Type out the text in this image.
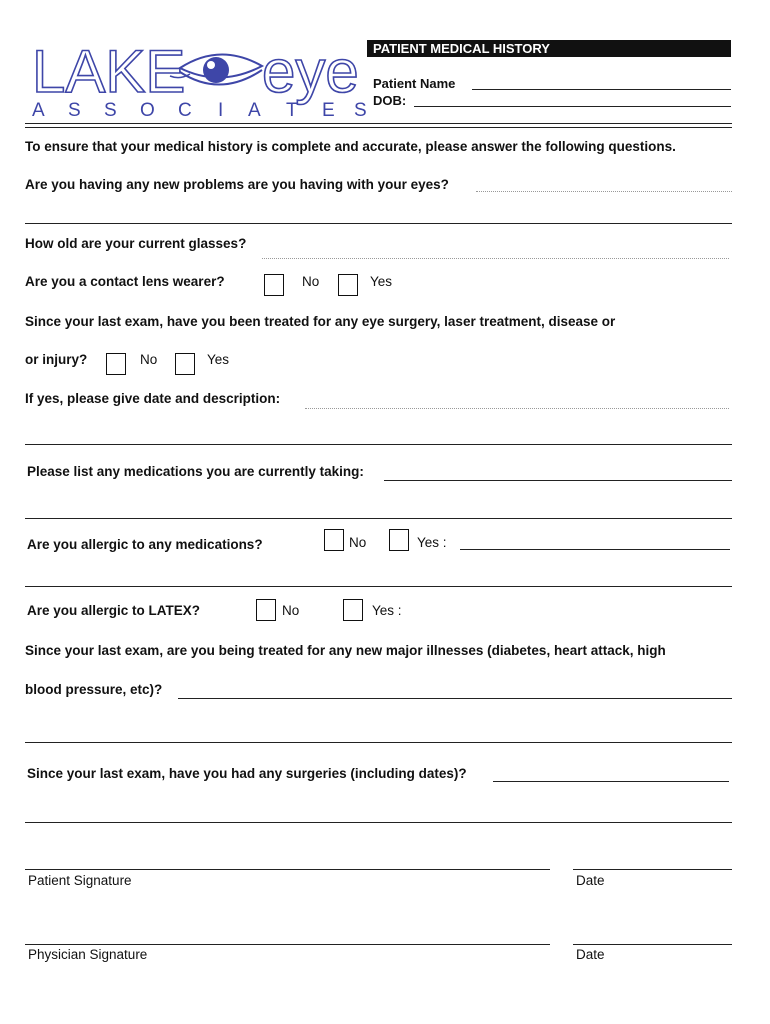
LAKE eye
A S S O C I A T E S
PATIENT MEDICAL HISTORY
Patient Name
DOB:
To ensure that your medical history is complete and accurate, please answer the following questions.
Are you having any new problems are you having with your eyes?
How old are your current glasses?
Are you a contact lens wearer?	No	Yes
Since your last exam, have you been treated for any eye surgery, laser treatment, disease or
or injury?	No	Yes
If yes, please give date and description:
Please list any medications you are currently taking:
Are you allergic to any medications?	No	Yes :
Are you allergic to LATEX?	No	Yes :
Since your last exam, are you being treated for any new major illnesses (diabetes, heart attack, high
blood pressure, etc)?
Since your last exam, have you had any surgeries (including dates)?
Patient Signature	Date
Physician Signature	Date
